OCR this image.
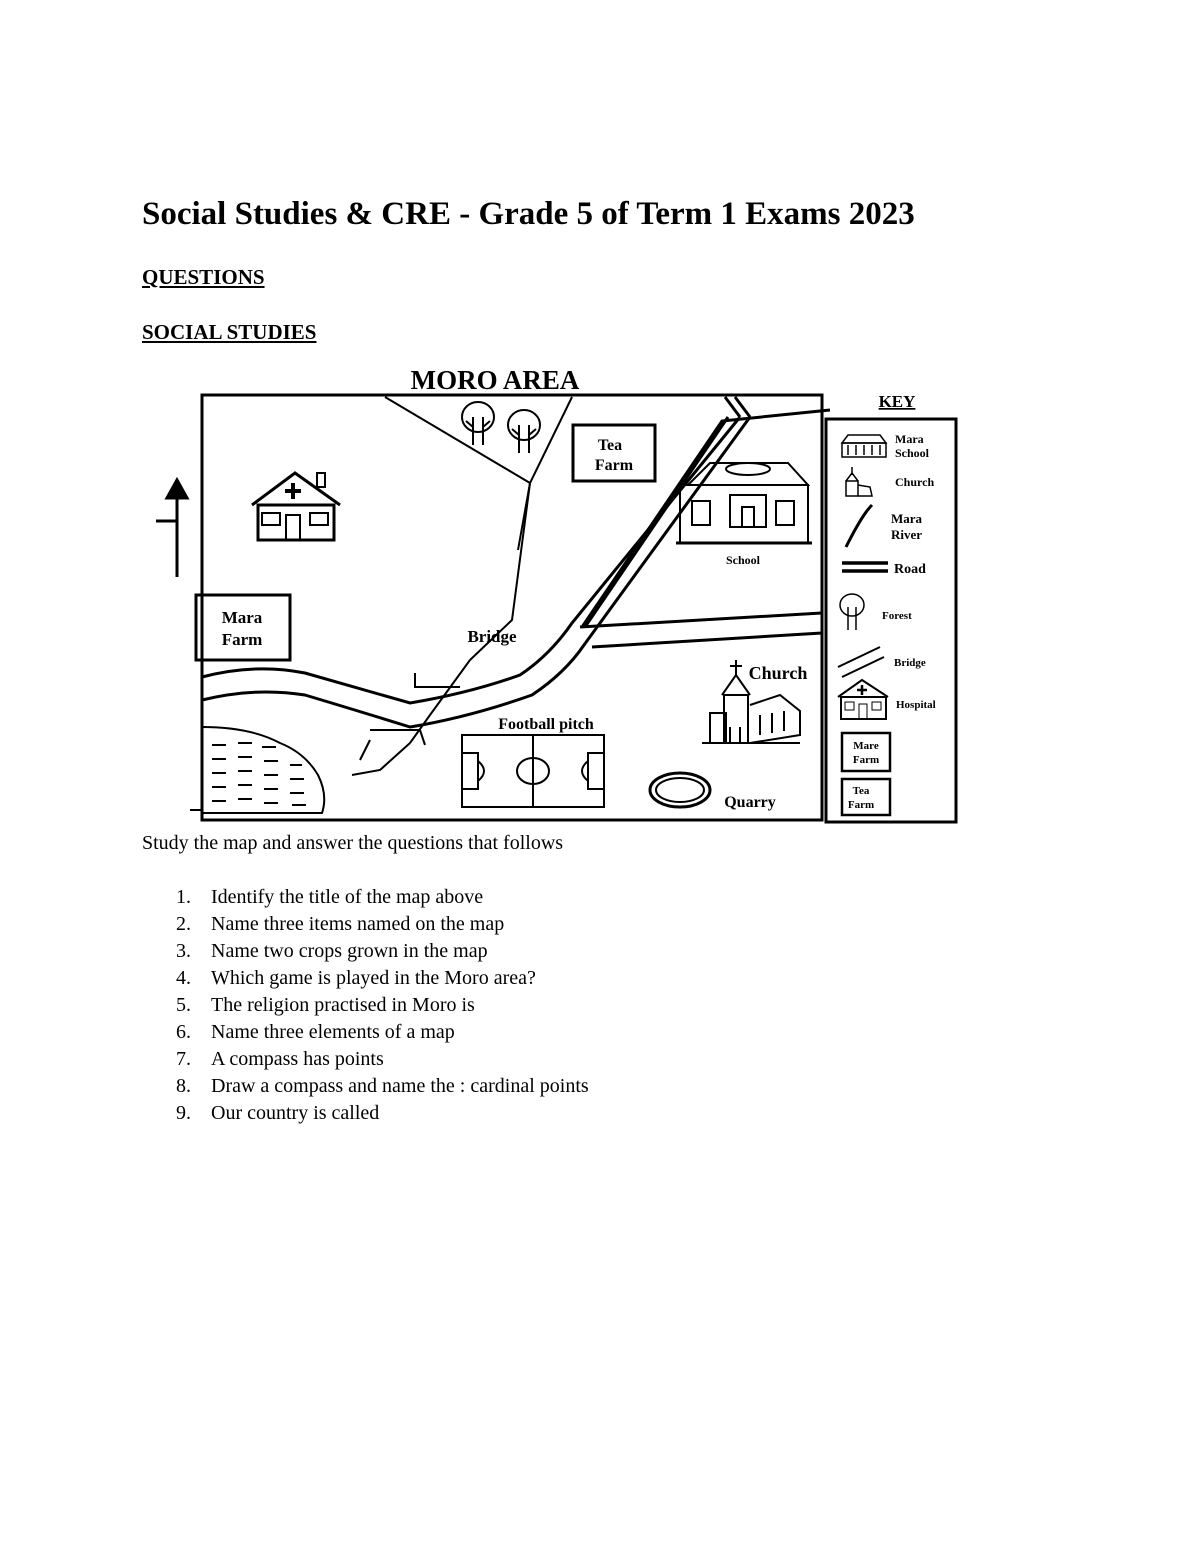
Social Studies & CRE - Grade 5 of Term 1 Exams 2023
QUESTIONS
SOCIAL STUDIES
MORO AREA
Tea
Farm
School
Mara
Farm	Bridge
Church
Football pitch
Quarry
KEY
Mara
School
Church
Mara
River
Road
Forest
Bridge
Hospital
Mare
Farm
Tea
Farm

Study the map and answer the questions that follows

1. Identify the title of the map above
2. Name three items named on the map
3. Name two crops grown in the map
4. Which game is played in the Moro area?
5. The religion practised in Moro is
6. Name three elements of a map
7. A compass has points
8. Draw a compass and name the : cardinal points
9. Our country is called
